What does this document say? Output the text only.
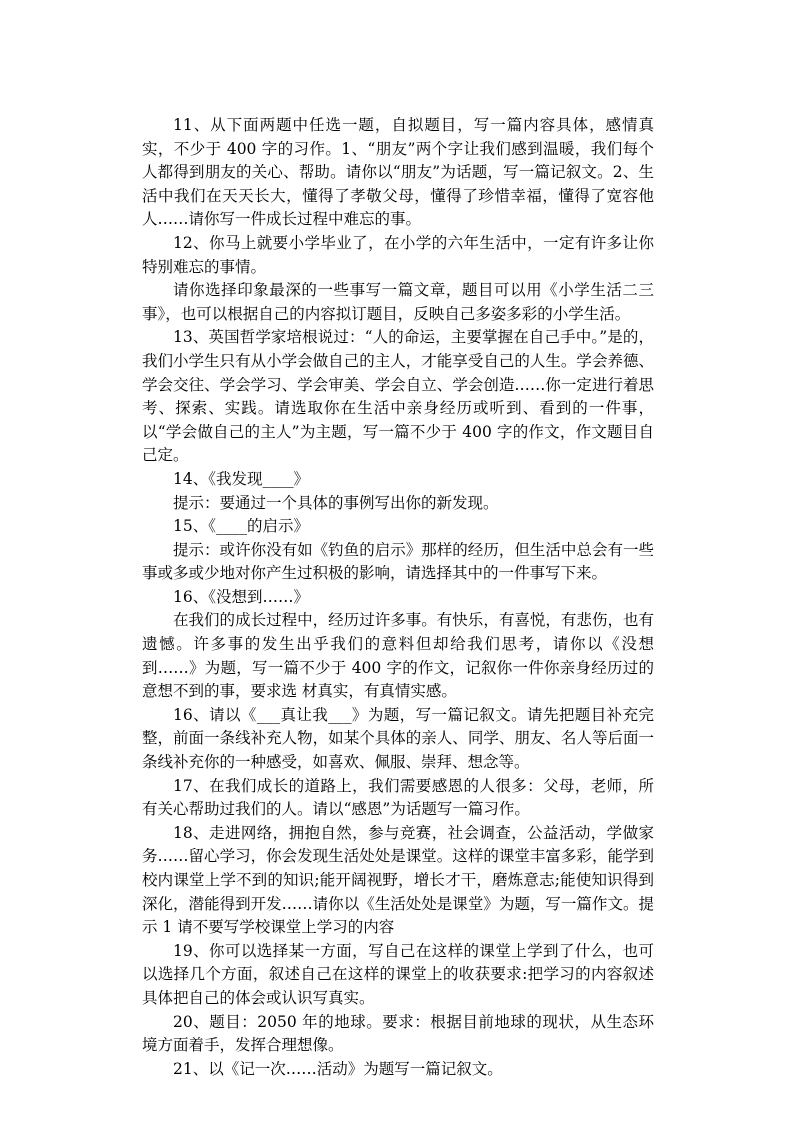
11、从下面两题中任选一题，自拟题目，写一篇内容具体，感情真实，不少于 400 字的习作。1、“朋友”两个字让我们感到温暖，我们每个人都得到朋友的关心、帮助。请你以“朋友”为话题，写一篇记叙文。2、生活中我们在天天长大，懂得了孝敬父母，懂得了珍惜幸福，懂得了宽容他人……请你写一件成长过程中难忘的事。

12、你马上就要小学毕业了，在小学的六年生活中，一定有许多让你特别难忘的事情。

请你选择印象最深的一些事写一篇文章，题目可以用《小学生活二三事》，也可以根据自己的内容拟订题目，反映自己多姿多彩的小学生活。

13、英国哲学家培根说过：“人的命运，主要掌握在自己手中。”是的，我们小学生只有从小学会做自己的主人，才能享受自己的人生。学会养德、学会交往、学会学习、学会审美、学会自立、学会创造……你一定进行着思考、探索、实践。请选取你在生活中亲身经历或听到、看到的一件事，以“学会做自己的主人”为主题，写一篇不少于 400 字的作文，作文题目自己定。

14、《我发现____》

提示：要通过一个具体的事例写出你的新发现。

15、《____的启示》

提示：或许你没有如《钓鱼的启示》那样的经历，但生活中总会有一些事或多或少地对你产生过积极的影响，请选择其中的一件事写下来。

16、《没想到……》

在我们的成长过程中，经历过许多事。有快乐，有喜悦，有悲伤，也有遗憾。许多事的发生出乎我们的意料但却给我们思考，请你以《没想到……》为题，写一篇不少于 400 字的作文，记叙你一件你亲身经历过的意想不到的事，要求选 材真实，有真情实感。

16、请以《___真让我___》为题，写一篇记叙文。请先把题目补充完整，前面一条线补充人物，如某个具体的亲人、同学、朋友、名人等后面一条线补充你的一种感受，如喜欢、佩服、崇拜、想念等。

17、在我们成长的道路上，我们需要感恩的人很多：父母，老师，所有关心帮助过我们的人。请以“感恩”为话题写一篇习作。

18、走进网络，拥抱自然，参与竞赛，社会调查，公益活动，学做家务……留心学习，你会发现生活处处是课堂。这样的课堂丰富多彩，能学到校内课堂上学不到的知识;能开阔视野，增长才干，磨炼意志;能使知识得到深化，潜能得到开发……请你以《生活处处是课堂》为题，写一篇作文。提示 1 请不要写学校课堂上学习的内容

19、你可以选择某一方面，写自己在这样的课堂上学到了什么，也可以选择几个方面，叙述自己在这样的课堂上的收获要求:把学习的内容叙述具体把自己的体会或认识写真实。

20、题目：2050 年的地球。要求：根据目前地球的现状，从生态环境方面着手，发挥合理想像。

21、以《记一次……活动》为题写一篇记叙文。
